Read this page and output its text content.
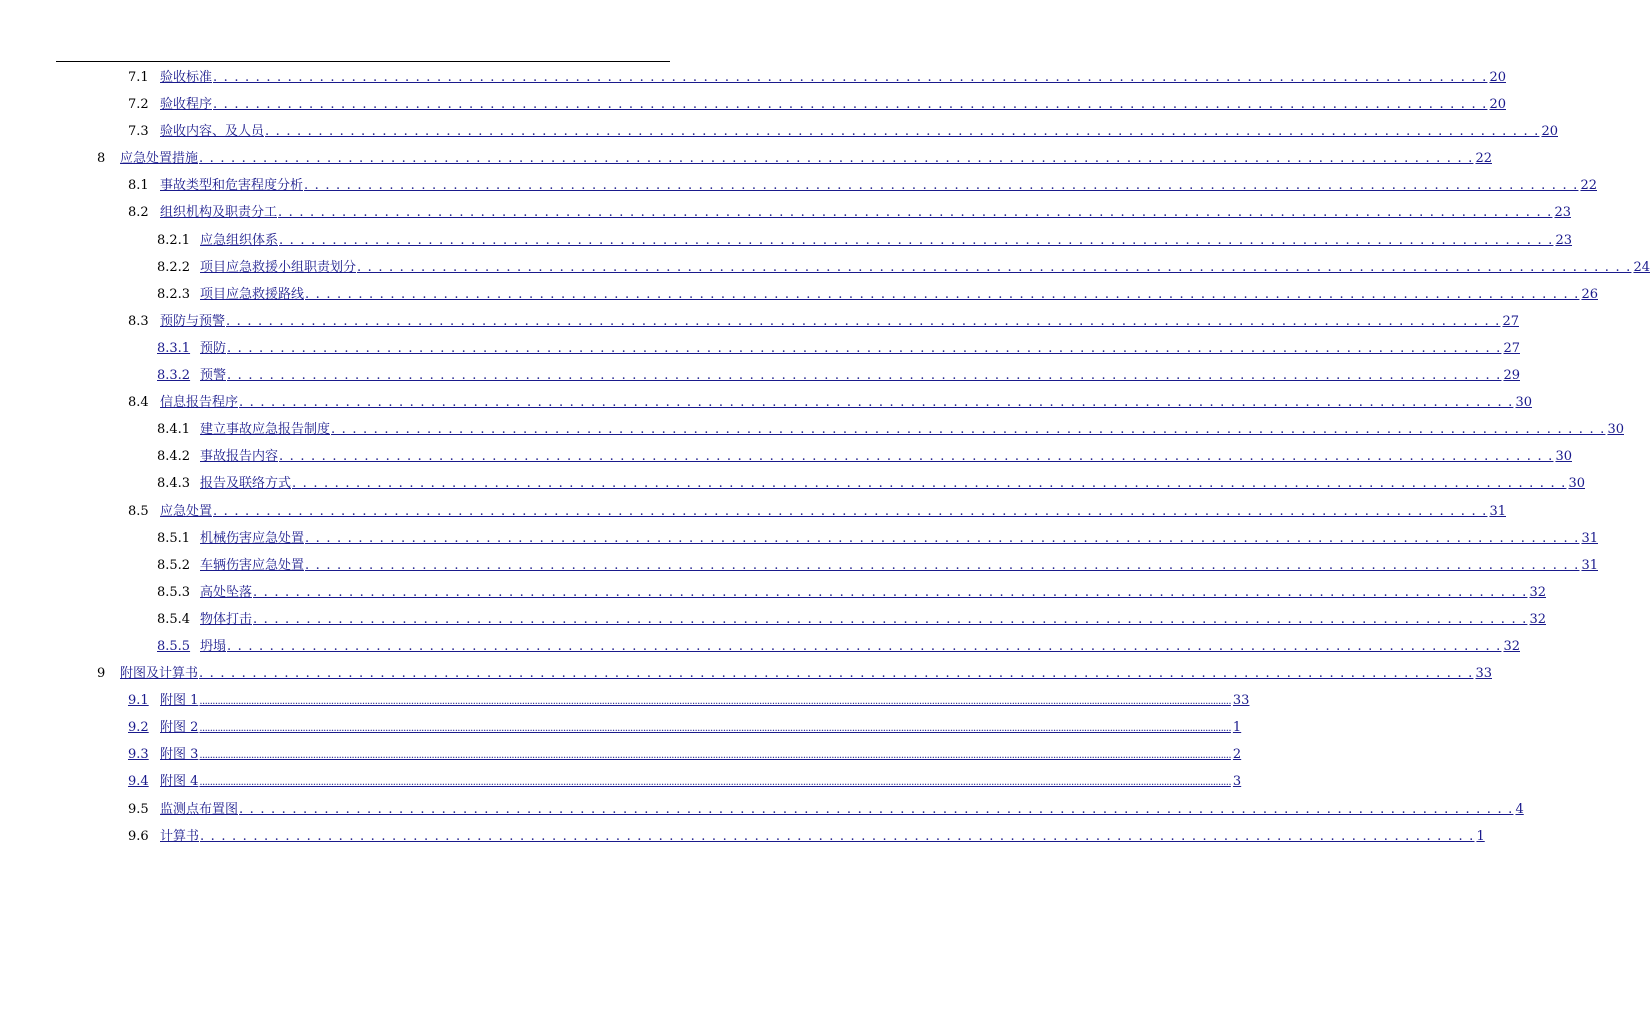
7.1 验收标准 . . . . . . . . . . . . . . . . . . . . . . . . . . . . . . . . . . . . . . . . . . . . . . . . . . . . . . . . . . . . . . . . . . . . . . . . . . . . . . . . . . . . . . . . . . . . . . . . . . . . . . . . . . . . . . . . . . . . . . . . 20
7.2 验收程序 . . . . . . . . . . . . . . . . . . . . . . . . . . . . . . . . . . . . . . . . . . . . . . . . . . . . . . . . . . . . . . . . . . . . . . . . . . . . . . . . . . . . . . . . . . . . . . . . . . . . . . . . . . . . . . . . . . . . . . . . 20
7.3 验收内容、及人员 . . . . . . . . . . . . . . . . . . . . . . . . . . . . . . . . . . . . . . . . . . . . . . . . . . . . . . . . . . . . . . . . . . . . . . . . . . . . . . . . . . . . . . . . . . . . . . . . . . . . . . . . . . . . . . . . . . . . . . . . 20
8 应急处置措施 . . . . . . . . . . . . . . . . . . . . . . . . . . . . . . . . . . . . . . . . . . . . . . . . . . . . . . . . . . . . . . . . . . . . . . . . . . . . . . . . . . . . . . . . . . . . . . . . . . . . . . . . . . . . . . . . . . . . . . . . 22
8.1 事故类型和危害程度分析 . . . . . . . . . . . . . . . . . . . . . . . . . . . . . . . . . . . . . . . . . . . . . . . . . . . . . . . . . . . . . . . . . . . . . . . . . . . . . . . . . . . . . . . . . . . . . . . . . . . . . . . . . . . . . . . . . . . . . . . . 22
8.2 组织机构及职责分工 . . . . . . . . . . . . . . . . . . . . . . . . . . . . . . . . . . . . . . . . . . . . . . . . . . . . . . . . . . . . . . . . . . . . . . . . . . . . . . . . . . . . . . . . . . . . . . . . . . . . . . . . . . . . . . . . . . . . . . . . 23
8.2.1 应急组织体系 . . . . . . . . . . . . . . . . . . . . . . . . . . . . . . . . . . . . . . . . . . . . . . . . . . . . . . . . . . . . . . . . . . . . . . . . . . . . . . . . . . . . . . . . . . . . . . . . . . . . . . . . . . . . . . . . . . . . . . . . 23
8.2.2 项目应急救援小组职责划分 . . . . . . . . . . . . . . . . . . . . . . . . . . . . . . . . . . . . . . . . . . . . . . . . . . . . . . . . . . . . . . . . . . . . . . . . . . . . . . . . . . . . . . . . . . . . . . . . . . . . . . . . . . . . . . . . . . . . . . . . 24
8.2.3 项目应急救援路线 . . . . . . . . . . . . . . . . . . . . . . . . . . . . . . . . . . . . . . . . . . . . . . . . . . . . . . . . . . . . . . . . . . . . . . . . . . . . . . . . . . . . . . . . . . . . . . . . . . . . . . . . . . . . . . . . . . . . . . . . 26
8.3 预防与预警 . . . . . . . . . . . . . . . . . . . . . . . . . . . . . . . . . . . . . . . . . . . . . . . . . . . . . . . . . . . . . . . . . . . . . . . . . . . . . . . . . . . . . . . . . . . . . . . . . . . . . . . . . . . . . . . . . . . . . . . . 27
8.3.1 预防 . . . . . . . . . . . . . . . . . . . . . . . . . . . . . . . . . . . . . . . . . . . . . . . . . . . . . . . . . . . . . . . . . . . . . . . . . . . . . . . . . . . . . . . . . . . . . . . . . . . . . . . . . . . . . . . . . . . . . . . . 27
8.3.2 预警 . . . . . . . . . . . . . . . . . . . . . . . . . . . . . . . . . . . . . . . . . . . . . . . . . . . . . . . . . . . . . . . . . . . . . . . . . . . . . . . . . . . . . . . . . . . . . . . . . . . . . . . . . . . . . . . . . . . . . . . . 29
8.4 信息报告程序 . . . . . . . . . . . . . . . . . . . . . . . . . . . . . . . . . . . . . . . . . . . . . . . . . . . . . . . . . . . . . . . . . . . . . . . . . . . . . . . . . . . . . . . . . . . . . . . . . . . . . . . . . . . . . . . . . . . . . . . . 30
8.4.1 建立事故应急报告制度 . . . . . . . . . . . . . . . . . . . . . . . . . . . . . . . . . . . . . . . . . . . . . . . . . . . . . . . . . . . . . . . . . . . . . . . . . . . . . . . . . . . . . . . . . . . . . . . . . . . . . . . . . . . . . . . . . . . . . . . . 30
8.4.2 事故报告内容 . . . . . . . . . . . . . . . . . . . . . . . . . . . . . . . . . . . . . . . . . . . . . . . . . . . . . . . . . . . . . . . . . . . . . . . . . . . . . . . . . . . . . . . . . . . . . . . . . . . . . . . . . . . . . . . . . . . . . . . . 30
8.4.3 报告及联络方式 . . . . . . . . . . . . . . . . . . . . . . . . . . . . . . . . . . . . . . . . . . . . . . . . . . . . . . . . . . . . . . . . . . . . . . . . . . . . . . . . . . . . . . . . . . . . . . . . . . . . . . . . . . . . . . . . . . . . . . . . 30
8.5 应急处置 . . . . . . . . . . . . . . . . . . . . . . . . . . . . . . . . . . . . . . . . . . . . . . . . . . . . . . . . . . . . . . . . . . . . . . . . . . . . . . . . . . . . . . . . . . . . . . . . . . . . . . . . . . . . . . . . . . . . . . . . 31
8.5.1 机械伤害应急处置 . . . . . . . . . . . . . . . . . . . . . . . . . . . . . . . . . . . . . . . . . . . . . . . . . . . . . . . . . . . . . . . . . . . . . . . . . . . . . . . . . . . . . . . . . . . . . . . . . . . . . . . . . . . . . . . . . . . . . . . . 31
8.5.2 车辆伤害应急处置 . . . . . . . . . . . . . . . . . . . . . . . . . . . . . . . . . . . . . . . . . . . . . . . . . . . . . . . . . . . . . . . . . . . . . . . . . . . . . . . . . . . . . . . . . . . . . . . . . . . . . . . . . . . . . . . . . . . . . . . . 31
8.5.3 高处坠落 . . . . . . . . . . . . . . . . . . . . . . . . . . . . . . . . . . . . . . . . . . . . . . . . . . . . . . . . . . . . . . . . . . . . . . . . . . . . . . . . . . . . . . . . . . . . . . . . . . . . . . . . . . . . . . . . . . . . . . . . 32
8.5.4 物体打击 . . . . . . . . . . . . . . . . . . . . . . . . . . . . . . . . . . . . . . . . . . . . . . . . . . . . . . . . . . . . . . . . . . . . . . . . . . . . . . . . . . . . . . . . . . . . . . . . . . . . . . . . . . . . . . . . . . . . . . . . 32
8.5.5 坍塌 . . . . . . . . . . . . . . . . . . . . . . . . . . . . . . . . . . . . . . . . . . . . . . . . . . . . . . . . . . . . . . . . . . . . . . . . . . . . . . . . . . . . . . . . . . . . . . . . . . . . . . . . . . . . . . . . . . . . . . . . 32
9 附图及计算书 . . . . . . . . . . . . . . . . . . . . . . . . . . . . . . . . . . . . . . . . . . . . . . . . . . . . . . . . . . . . . . . . . . . . . . . . . . . . . . . . . . . . . . . . . . . . . . . . . . . . . . . . . . . . . . . . . . . . . . . . 33
9.1 附图 1 ................................................................................................................................................................................................................................................................................................................................................................................................................ 33
9.2 附图 2 ................................................................................................................................................................................................................................................................................................................................................................................................................ 1
9.3 附图 3 ................................................................................................................................................................................................................................................................................................................................................................................................................ 2
9.4 附图 4 ................................................................................................................................................................................................................................................................................................................................................................................................................ 3
9.5 监测点布置图 . . . . . . . . . . . . . . . . . . . . . . . . . . . . . . . . . . . . . . . . . . . . . . . . . . . . . . . . . . . . . . . . . . . . . . . . . . . . . . . . . . . . . . . . . . . . . . . . . . . . . . . . . . . . . . . . . . . . . . . . 4
9.6 计算书 . . . . . . . . . . . . . . . . . . . . . . . . . . . . . . . . . . . . . . . . . . . . . . . . . . . . . . . . . . . . . . . . . . . . . . . . . . . . . . . . . . . . . . . . . . . . . . . . . . . . . . . . . . . . . . . . . . . . . . . . 1
